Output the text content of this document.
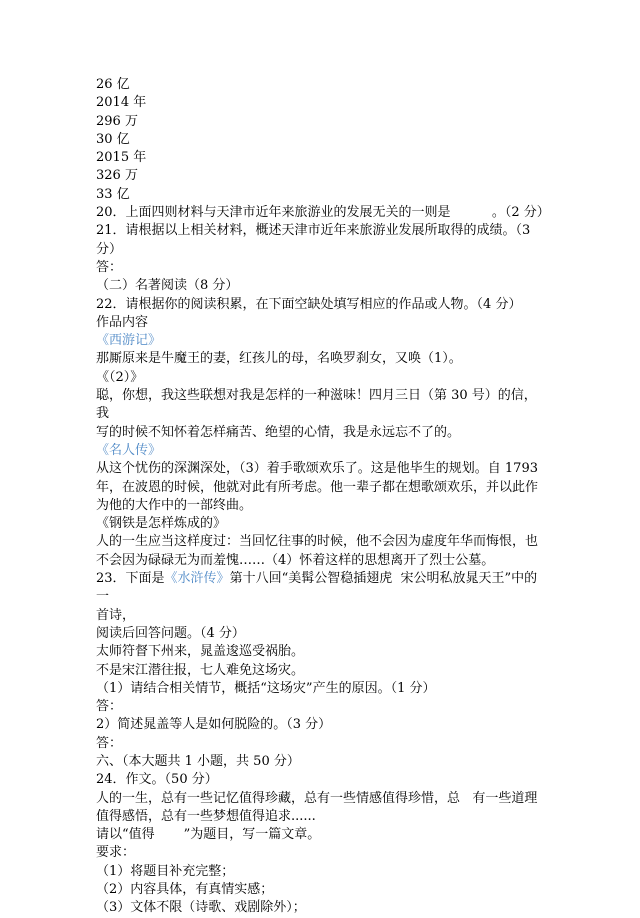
26 亿

2014 年

296 万

30 亿

2015 年

326 万

33 亿

20．上面四则材料与天津市近年来旅游业的发展无关的一则是          。（2 分）

21．请根据以上相关材料，概述天津市近年来旅游业发展所取得的成绩。（3

分）

答：

（二）名著阅读（8 分）

22．请根据你的阅读积累，在下面空缺处填写相应的作品或人物。（4 分）

作品内容

《西游记》

那厮原来是牛魔王的妻，红孩儿的母，名唤罗刹女，又唤（1）。

《（2）》

聪，你想，我这些联想对我是怎样的一种滋味！四月三日（第 30 号）的信，我

写的时候不知怀着怎样痛苦、绝望的心情，我是永远忘不了的。

《名人传》

从这个忧伤的深渊深处，（3）着手歌颂欢乐了。这是他毕生的规划。自 1793

年，在波恩的时候，他就对此有所考虑。他一辈子都在想歌颂欢乐，并以此作

为他的大作中的一部终曲。

《钢铁是怎样炼成的》

人的一生应当这样度过：当回忆往事的时候，他不会因为虚度年华而悔恨，也

不会因为碌碌无为而羞愧……（4）怀着这样的思想离开了烈士公墓。

23．下面是《水浒传》第十八回“美髯公智稳插翅虎  宋公明私放晁天王”中的一

首诗，

阅读后回答问题。（4 分）

太师符督下州来，晁盖逡巡受祸胎。

不是宋江潜往报，七人难免这场灾。

（1）请结合相关情节，概括“这场灾”产生的原因。（1 分）

答：

2）简述晁盖等人是如何脱险的。（3 分）

答：

六、（本大题共 1 小题，共 50 分）

24．作文。（50 分）

人的一生，总有一些记忆值得珍藏，总有一些情感值得珍惜，总   有一些道理

值得感悟，总有一些梦想值得追求......

请以“值得       ”为题目，写一篇文章。

要求：

（1）将题目补充完整；

（2）内容具体，有真情实感；

（3）文体不限（诗歌、戏剧除外）；
